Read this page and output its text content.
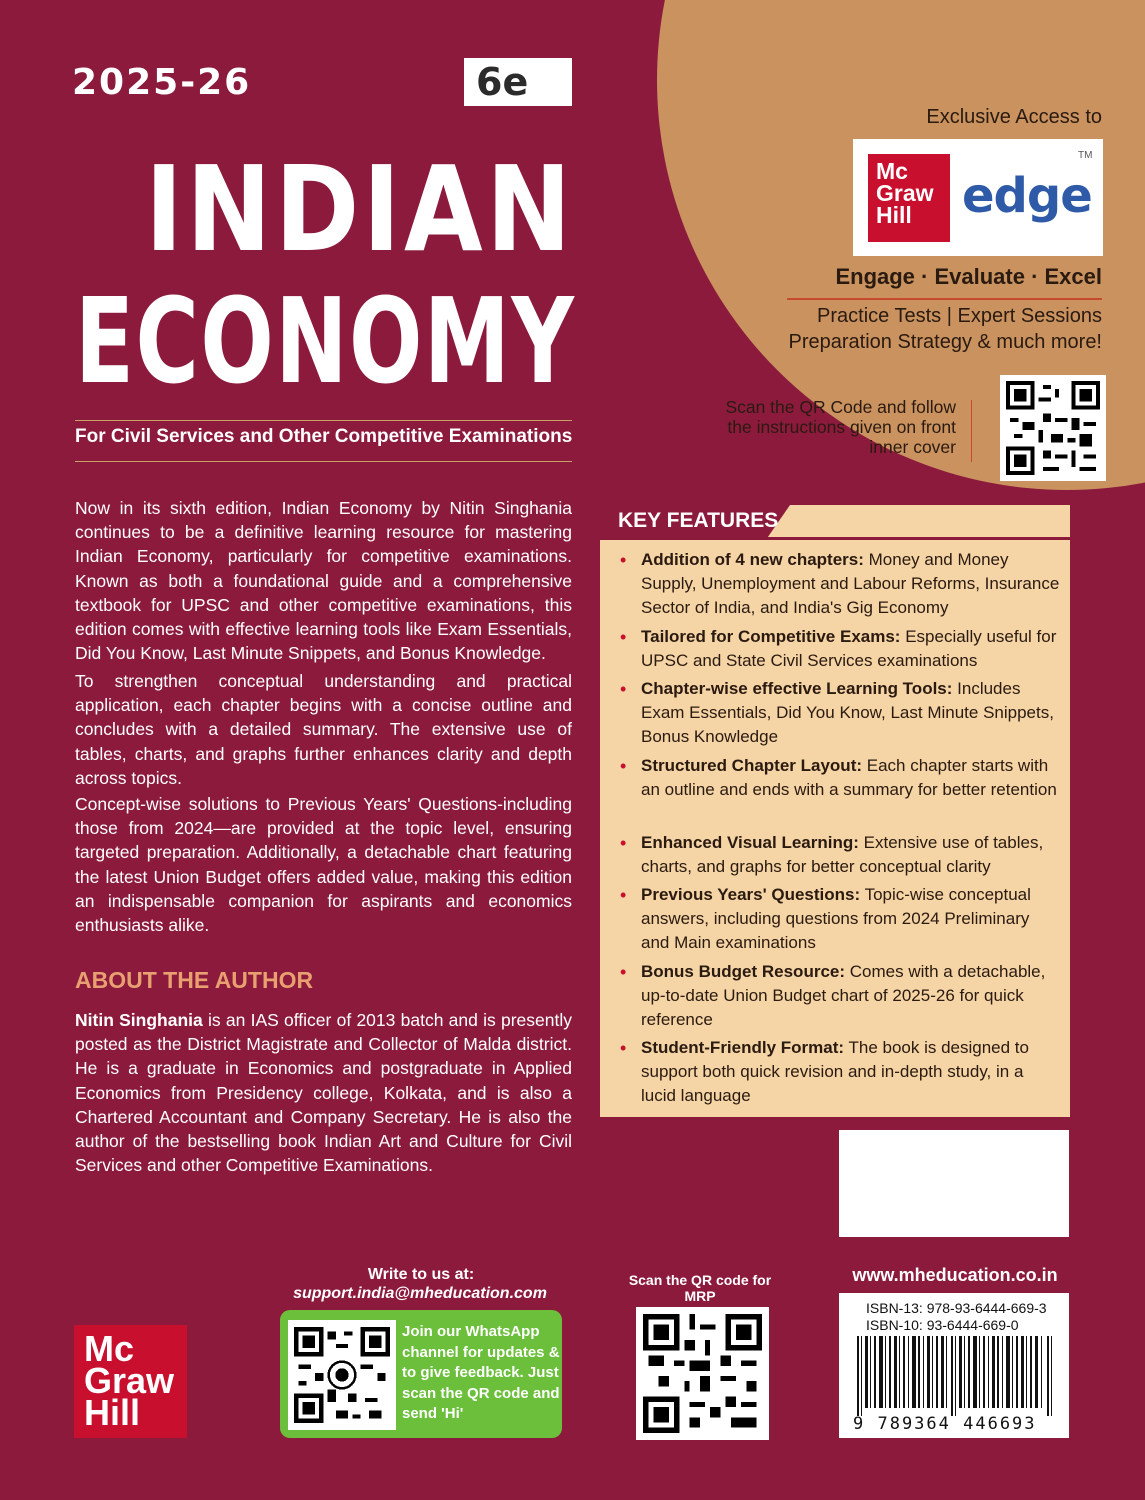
2025-26	6e
INDIAN
ECONOMY
For Civil Services and Other Competitive Examinations
Now in its sixth edition, Indian Economy by Nitin Singhania continues to be a definitive learning resource for mastering Indian Economy, particularly for competitive examinations. Known as both a foundational guide and a comprehensive textbook for UPSC and other competitive examinations, this edition comes with effective learning tools like Exam Essentials, Did You Know, Last Minute Snippets, and Bonus Knowledge.
To strengthen conceptual understanding and practical application, each chapter begins with a concise outline and concludes with a detailed summary. The extensive use of tables, charts, and graphs further enhances clarity and depth across topics.
Concept-wise solutions to Previous Years' Questions-including those from 2024—are provided at the topic level, ensuring targeted preparation. Additionally, a detachable chart featuring the latest Union Budget offers added value, making this edition an indispensable companion for aspirants and economics enthusiasts alike.
ABOUT THE AUTHOR
Nitin Singhania is an IAS officer of 2013 batch and is presently posted as the District Magistrate and Collector of Malda district. He is a graduate in Economics and postgraduate in Applied Economics from Presidency college, Kolkata, and is also a Chartered Accountant and Company Secretary. He is also the author of the bestselling book Indian Art and Culture for Civil Services and other Competitive Examinations.
Exclusive Access to
Mc Graw Hill	edge
TM
Engage · Evaluate · Excel
Practice Tests | Expert Sessions
Preparation Strategy & much more!
Scan the QR Code and follow the instructions given on front inner cover
KEY FEATURES
• Addition of 4 new chapters: Money and Money Supply, Unemployment and Labour Reforms, Insurance Sector of India, and India's Gig Economy
• Tailored for Competitive Exams: Especially useful for UPSC and State Civil Services examinations
• Chapter-wise effective Learning Tools: Includes Exam Essentials, Did You Know, Last Minute Snippets, Bonus Knowledge
• Structured Chapter Layout: Each chapter starts with an outline and ends with a summary for better retention
• Enhanced Visual Learning: Extensive use of tables, charts, and graphs for better conceptual clarity
• Previous Years' Questions: Topic-wise conceptual answers, including questions from 2024 Preliminary and Main examinations
• Bonus Budget Resource: Comes with a detachable, up-to-date Union Budget chart of 2025-26 for quick reference
• Student-Friendly Format: The book is designed to support both quick revision and in-depth study, in a lucid language
www.mheducation.co.in
ISBN-13: 978-93-6444-669-3
ISBN-10: 93-6444-669-0
9 789364 446693
Mc Graw Hill
Write to us at:
support.india@mheducation.com
Join our WhatsApp channel for updates & to give feedback. Just scan the QR code and send 'Hi'
Scan the QR code for MRP
